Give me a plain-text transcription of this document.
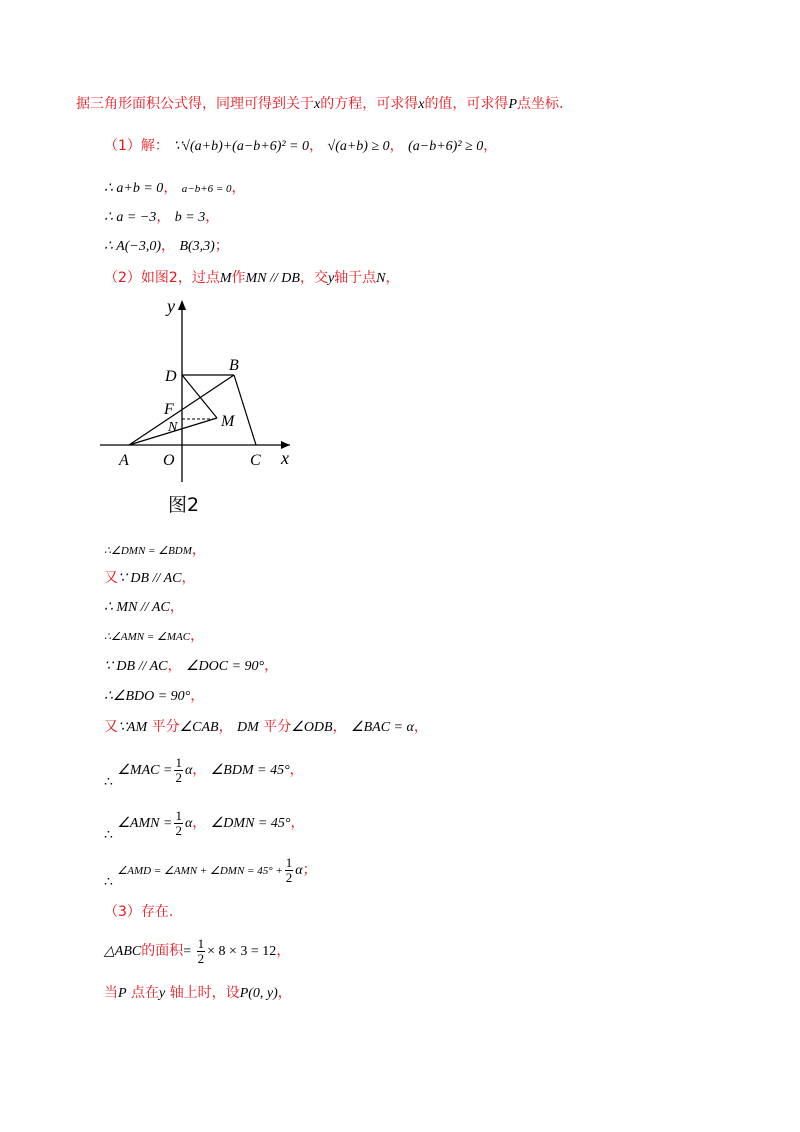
据三角形面积公式得，同理可得到关于x的方程，可求得x的值，可求得P点坐标.
（1）解： ∵√(a+b)+(a−b+6)² = 0， √(a+b) ≥ 0， (a−b+6)² ≥ 0，
∴ a+b = 0， a−b+6 = 0，
∴ a = −3， b = 3，
∴ A(−3,0)， B(3,3)；
（2）如图2，过点M作MN // DB，交y轴于点N，
y
x
D
B
F
N	M
A O	C
图2
∴∠DMN = ∠BDM，
又∵ DB // AC，
∴ MN // AC，
∴∠AMN = ∠MAC，
∵ DB // AC， ∠DOC = 90°，
∴∠BDO = 90°，
又∵AM 平分∠CAB， DM 平分∠ODB， ∠BAC = α，
∴ ∠MAC = $\frac{1}{2}$ α， ∠BDM = 45°，
∴ ∠AMN = $\frac{1}{2}$ α， ∠DMN = 45°，
∴ ∠AMD = ∠AMN + ∠DMN = $45^\circ + \frac{1}{2}$ α；
（3）存在.
△ABC的面积= $\frac{1}{2} \times 8 \times 3 = 12$，
当P 点在y 轴上时，设P(0, y)，
